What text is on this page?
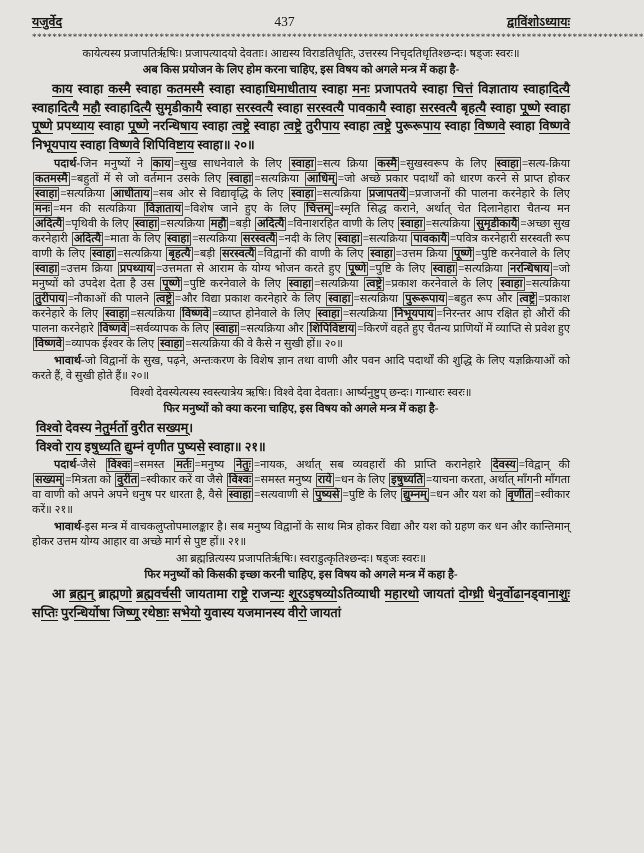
यजुर्वेद	437	द्वाविंशोऽध्यायः
************************************************************************************************************************

कायेत्यस्य प्रजापतिर्ऋषिः। प्रजापत्यादयो देवताः। आद्यस्य विराडतिधृतिः, उत्तरस्य निचृदतिधृतिश्छन्दः। षड्जः स्वरः॥

अब किस प्रयोजन के लिए होम करना चाहिए, इस विषय को अगले मन्त्र में कहा है-

काय स्वाहा कस्मै स्वाहा कतमस्मै स्वाहा स्वाहाधिमाधीताय स्वाहा मनः प्रजापतये स्वाहा चित्तं विज्ञाताय स्वाहादित्यै स्वाहादित्यै महौ स्वाहादित्यै सुमृडीकायै स्वाहा सरस्वत्यै स्वाहा सरस्वत्यै पावकायै स्वाहा सरस्वत्यै बृहत्यै स्वाहा पूष्णे स्वाहा पूष्णे प्रपथ्याय स्वाहा पूष्णे नरन्धिषाय स्वाहा त्वष्ट्रे स्वाहा त्वष्ट्रे तुरीपाय स्वाहा त्वष्ट्रे पुरूरूपाय स्वाहा विष्णवे स्वाहा विष्णवे निभूयपाय स्वाहा विष्णवे शिपिविष्टाय स्वाहा॥ २०॥

पदार्थ-जिन मनुष्यों ने काय =सुख साधनेवाले के लिए स्वाहा =सत्य क्रिया कस्मै =सुखस्वरूप के लिए स्वाहा =सत्य-क्रिया कतमस्मै =बहुतों में से जो वर्तमान उसके लिए स्वाहा =सत्यक्रिया आधिम् =जो अच्छे प्रकार पदार्थों को धारण करने से प्राप्त होकर स्वाहा =सत्यक्रिया आधीताय =सब ओर से विद्यावृद्धि के लिए स्वाहा =सत्यक्रिया प्रजापतये =प्रजाजनों की पालना करनेहारे के लिए मनः =मन की सत्यक्रिया विज्ञाताय =विशेष जाने हुए के लिए चित्तम् =स्मृति सिद्ध कराने, अर्थात् चेत दिलानेहारा चैतन्य मन अदित्यै =पृथिवी के लिए स्वाहा =सत्यक्रिया महौ =बड़ी अदित्यै =विनाशरहित वाणी के लिए स्वाहा =सत्यक्रिया सुमृडीकायै =अच्छा सुख करनेहारी अदित्यै =माता के लिए स्वाहा =सत्यक्रिया सरस्वत्यै =नदी के लिए स्वाहा =सत्यक्रिया पावकायै =पवित्र करनेहारी सरस्वती रूप वाणी के लिए स्वाहा =सत्यक्रिया बृहत्यै =बड़ी सरस्वत्यै =विद्वानों की वाणी के लिए स्वाहा =उत्तम क्रिया पूष्णे =पुष्टि करनेवाले के लिए स्वाहा =उत्तम क्रिया प्रपथ्याय =उत्तमता से आराम के योग्य भोजन करते हुए पूष्णे =पुष्टि के लिए स्वाहा =सत्यक्रिया नरन्धिषाय =जो मनुष्यों को उपदेश देता है उस पूष्णे =पुष्टि करनेवाले के लिए स्वाहा =सत्यक्रिया त्वष्ट्रे =प्रकाश करनेवाले के लिए स्वाहा =सत्यक्रिया तुरीपाय =नौकाओं की पालने त्वष्ट्रे =और विद्या प्रकाश करनेहारे के लिए स्वाहा =सत्यक्रिया पुरूरूपाय =बहुत रूप और त्वष्ट्रे =प्रकाश करनेहारे के लिए स्वाहा =सत्यक्रिया विष्णवे =व्याप्त होनेवाले के लिए स्वाहा =सत्यक्रिया निभूयपाय =निरन्तर आप रक्षित हो औरों की पालना करनेहारे विष्णवे =सर्वव्यापक के लिए स्वाहा =सत्यक्रिया और शिपिविष्टाय =किरणें वहते हुए चैतन्य प्राणियों में व्याप्ति से प्रवेश हुए विष्णवे =व्यापक ईश्वर के लिए स्वाहा =सत्यक्रिया की वे कैसे न सुखी हों॥ २०॥

भावार्थ-जो विद्वानों के सुख, पढ़ने, अन्तःकरण के विशेष ज्ञान तथा वाणी और पवन आदि पदार्थों की शुद्धि के लिए यज्ञक्रियाओं को करते हैं, वे सुखी होते हैं॥ २०॥

विश्वो देवस्येत्यस्य स्वस्त्यात्रेय ऋषिः। विश्वे देवा देवताः। आर्ष्यनुष्टुप् छन्दः। गान्धारः स्वरः॥

फिर मनुष्यों को क्या करना चाहिए, इस विषय को अगले मन्त्र में कहा है-

विश्वो देवस्य नेतुर्मर्तो वुरीत सख्यम्।
विश्वो राय इषुध्यति द्युम्नं वृणीत पुष्यसे स्वाहा॥ २१॥

पदार्थ-जैसे विश्वः =समस्त मर्तः =मनुष्य नेतुः =नायक, अर्थात् सब व्यवहारों की प्राप्ति करानेहारे देवस्य =विद्वान् की सख्यम् =मित्रता को वुरीत =स्वीकार करें वा जैसे विश्वः =समस्त मनुष्य राये =धन के लिए इषुध्यति =याचना करता, अर्थात् माँगनी माँगता वा वाणी को अपने अपने धनुष पर धारता है, वैसे स्वाहा =सत्यवाणी से पुष्यसे =पुष्टि के लिए द्युम्नम् =धन और यश को वृणीत =स्वीकार करें॥ २१॥

भावार्थ-इस मन्त्र में वाचकलुप्तोपमालङ्कार है। सब मनुष्य विद्वानों के साथ मित्र होकर विद्या और यश को ग्रहण कर धन और कान्तिमान् होकर उत्तम योग्य आहार वा अच्छे मार्ग से पुष्ट हों॥ २१॥

आ ब्रह्मन्नित्यस्य प्रजापतिर्ऋषिः। स्वराडुत्कृतिश्छन्दः। षड्जः स्वरः॥

फिर मनुष्यों को किसकी इच्छा करनी चाहिए, इस विषय को अगले मन्त्र में कहा है-

आ ब्रह्मन् ब्राह्मणो ब्रह्मवर्चसी जायतामा राष्ट्रे राजन्यः शूरऽइषव्योऽतिव्याधी महारथो जायतां दोग्ध्री धेनुर्वोढानड्वानाशुः सप्तिः पुरन्धिर्योषा जिष्णू रथेष्ठाः सभेयो युवास्य यजमानस्य वीरो जायतां
